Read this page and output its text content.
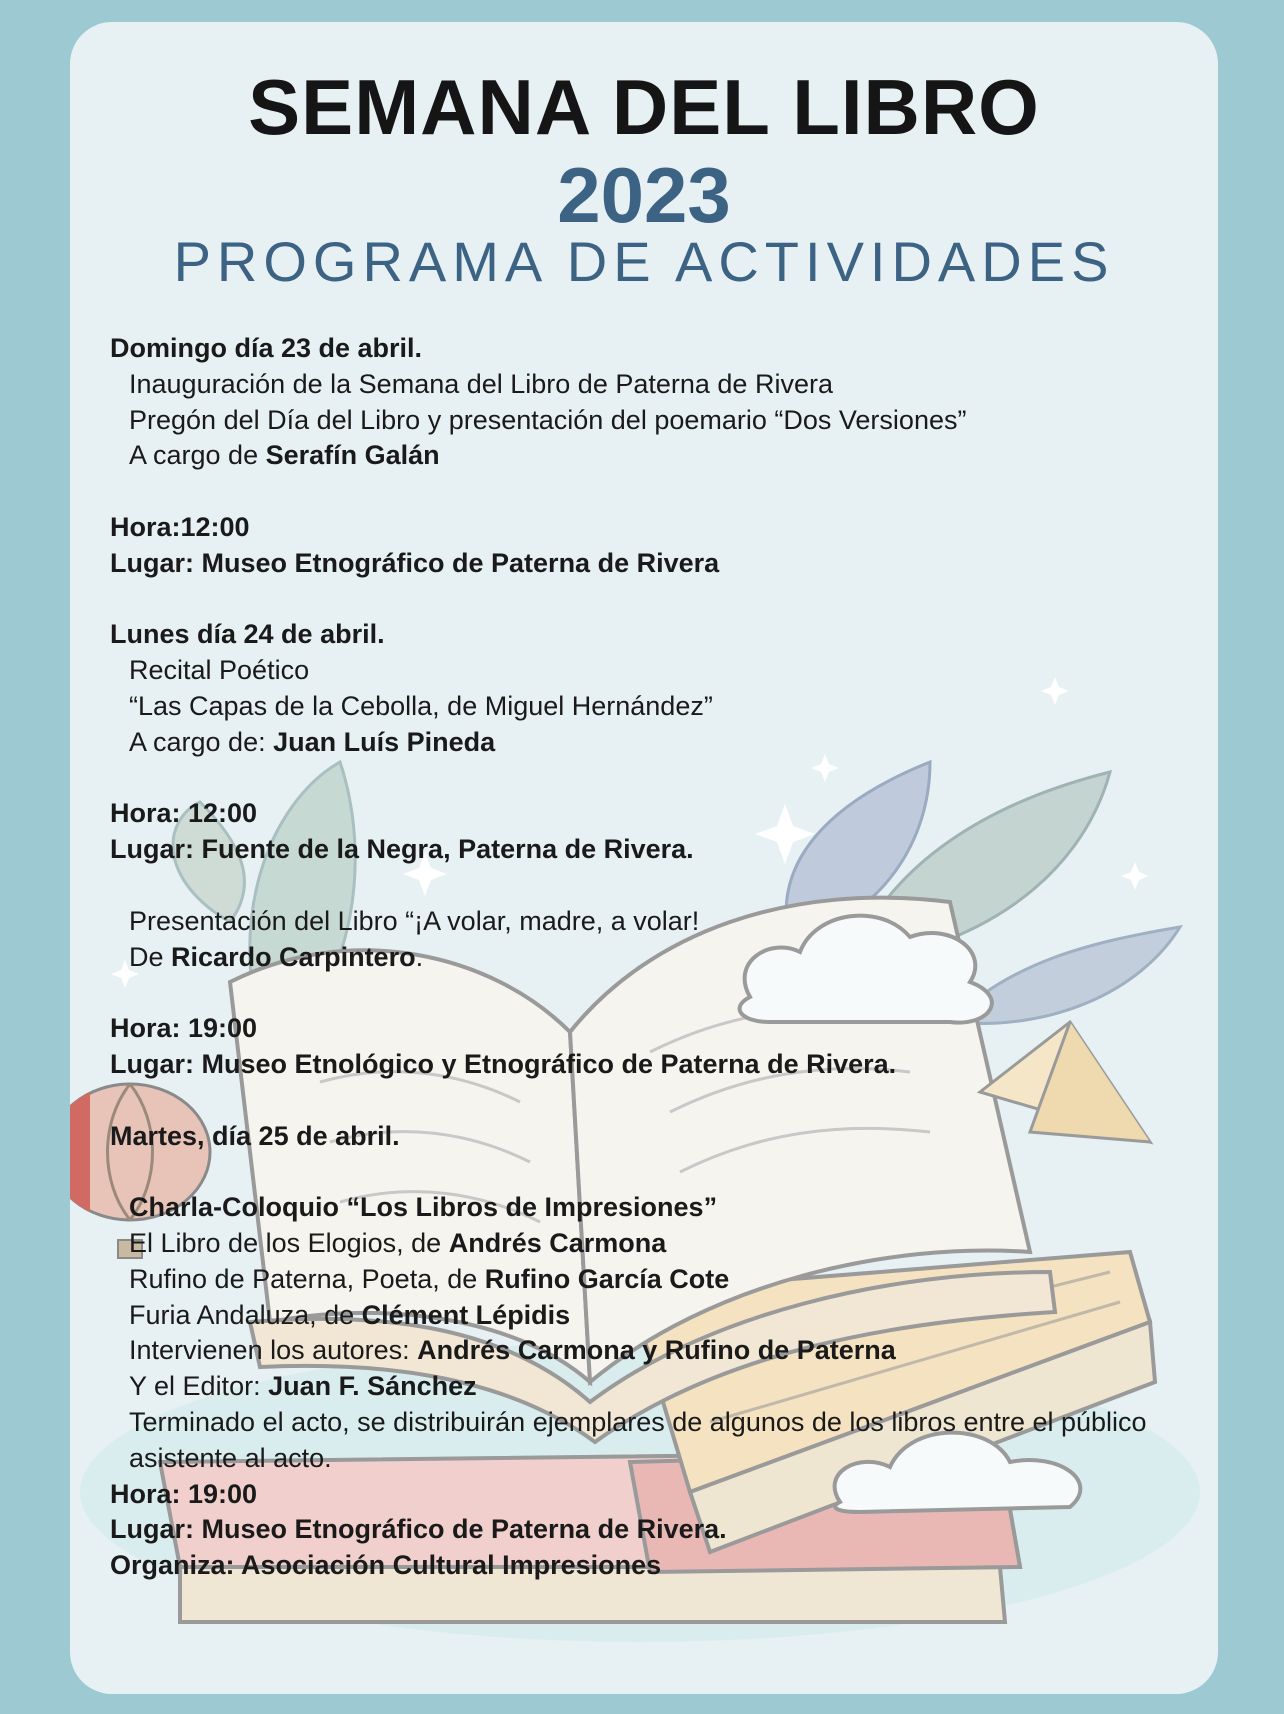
SEMANA DEL LIBRO
2023
PROGRAMA DE ACTIVIDADES
Domingo día 23 de abril.
Inauguración de la Semana del Libro de Paterna de Rivera
Pregón del Día del Libro y presentación del poemario “Dos Versiones”
A cargo de Serafín Galán
Hora:12:00
Lugar: Museo Etnográfico de Paterna de Rivera
Lunes día 24 de abril.
Recital Poético
“Las Capas de la Cebolla, de Miguel Hernández”
A cargo de: Juan Luís Pineda
Hora: 12:00
Lugar: Fuente de la Negra, Paterna de Rivera.
Presentación del Libro “¡A volar, madre, a volar!
De Ricardo Carpintero.
Hora: 19:00
Lugar: Museo Etnológico y Etnográfico de Paterna de Rivera.
Martes, día 25 de abril.
Charla-Coloquio “Los Libros de Impresiones”
El Libro de los Elogios, de Andrés Carmona
Rufino de Paterna, Poeta, de Rufino García Cote
Furia Andaluza, de Clément Lépidis
Intervienen los autores: Andrés Carmona y Rufino de Paterna
Y el Editor: Juan F. Sánchez
Terminado el acto, se distribuirán ejemplares de algunos de los libros entre el público asistente al acto.
Hora: 19:00
Lugar: Museo Etnográfico de Paterna de Rivera.
Organiza: Asociación Cultural Impresiones
